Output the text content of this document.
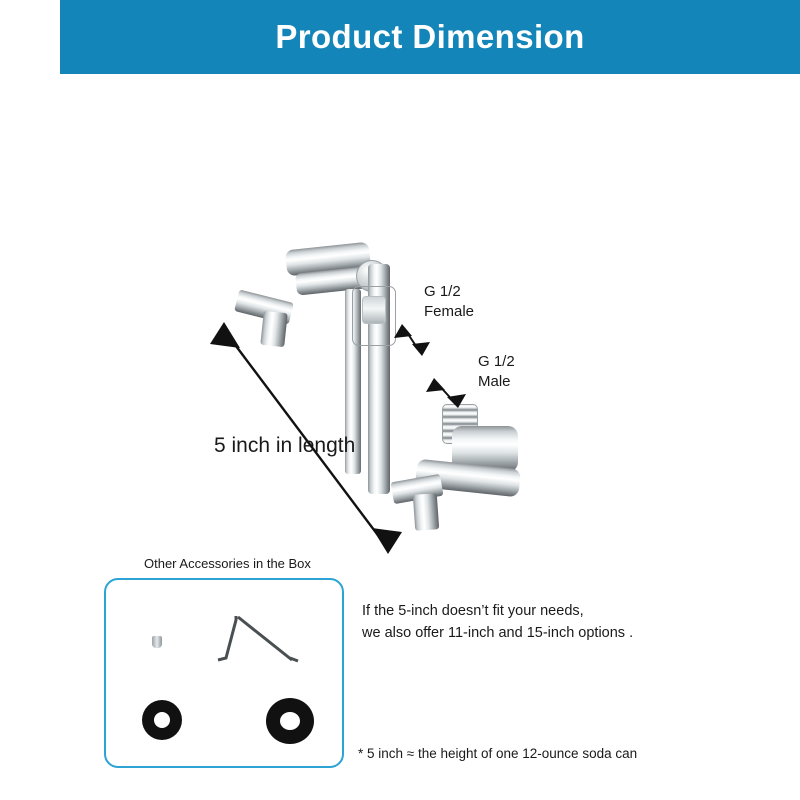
Product Dimension
5 inch in length
G 1/2
Female
G 1/2
Male
Other Accessories in the Box
If the 5-inch doesn’t fit your needs,
we also offer 11-inch and 15-inch options .
* 5 inch ≈ the height of one 12-ounce soda can
